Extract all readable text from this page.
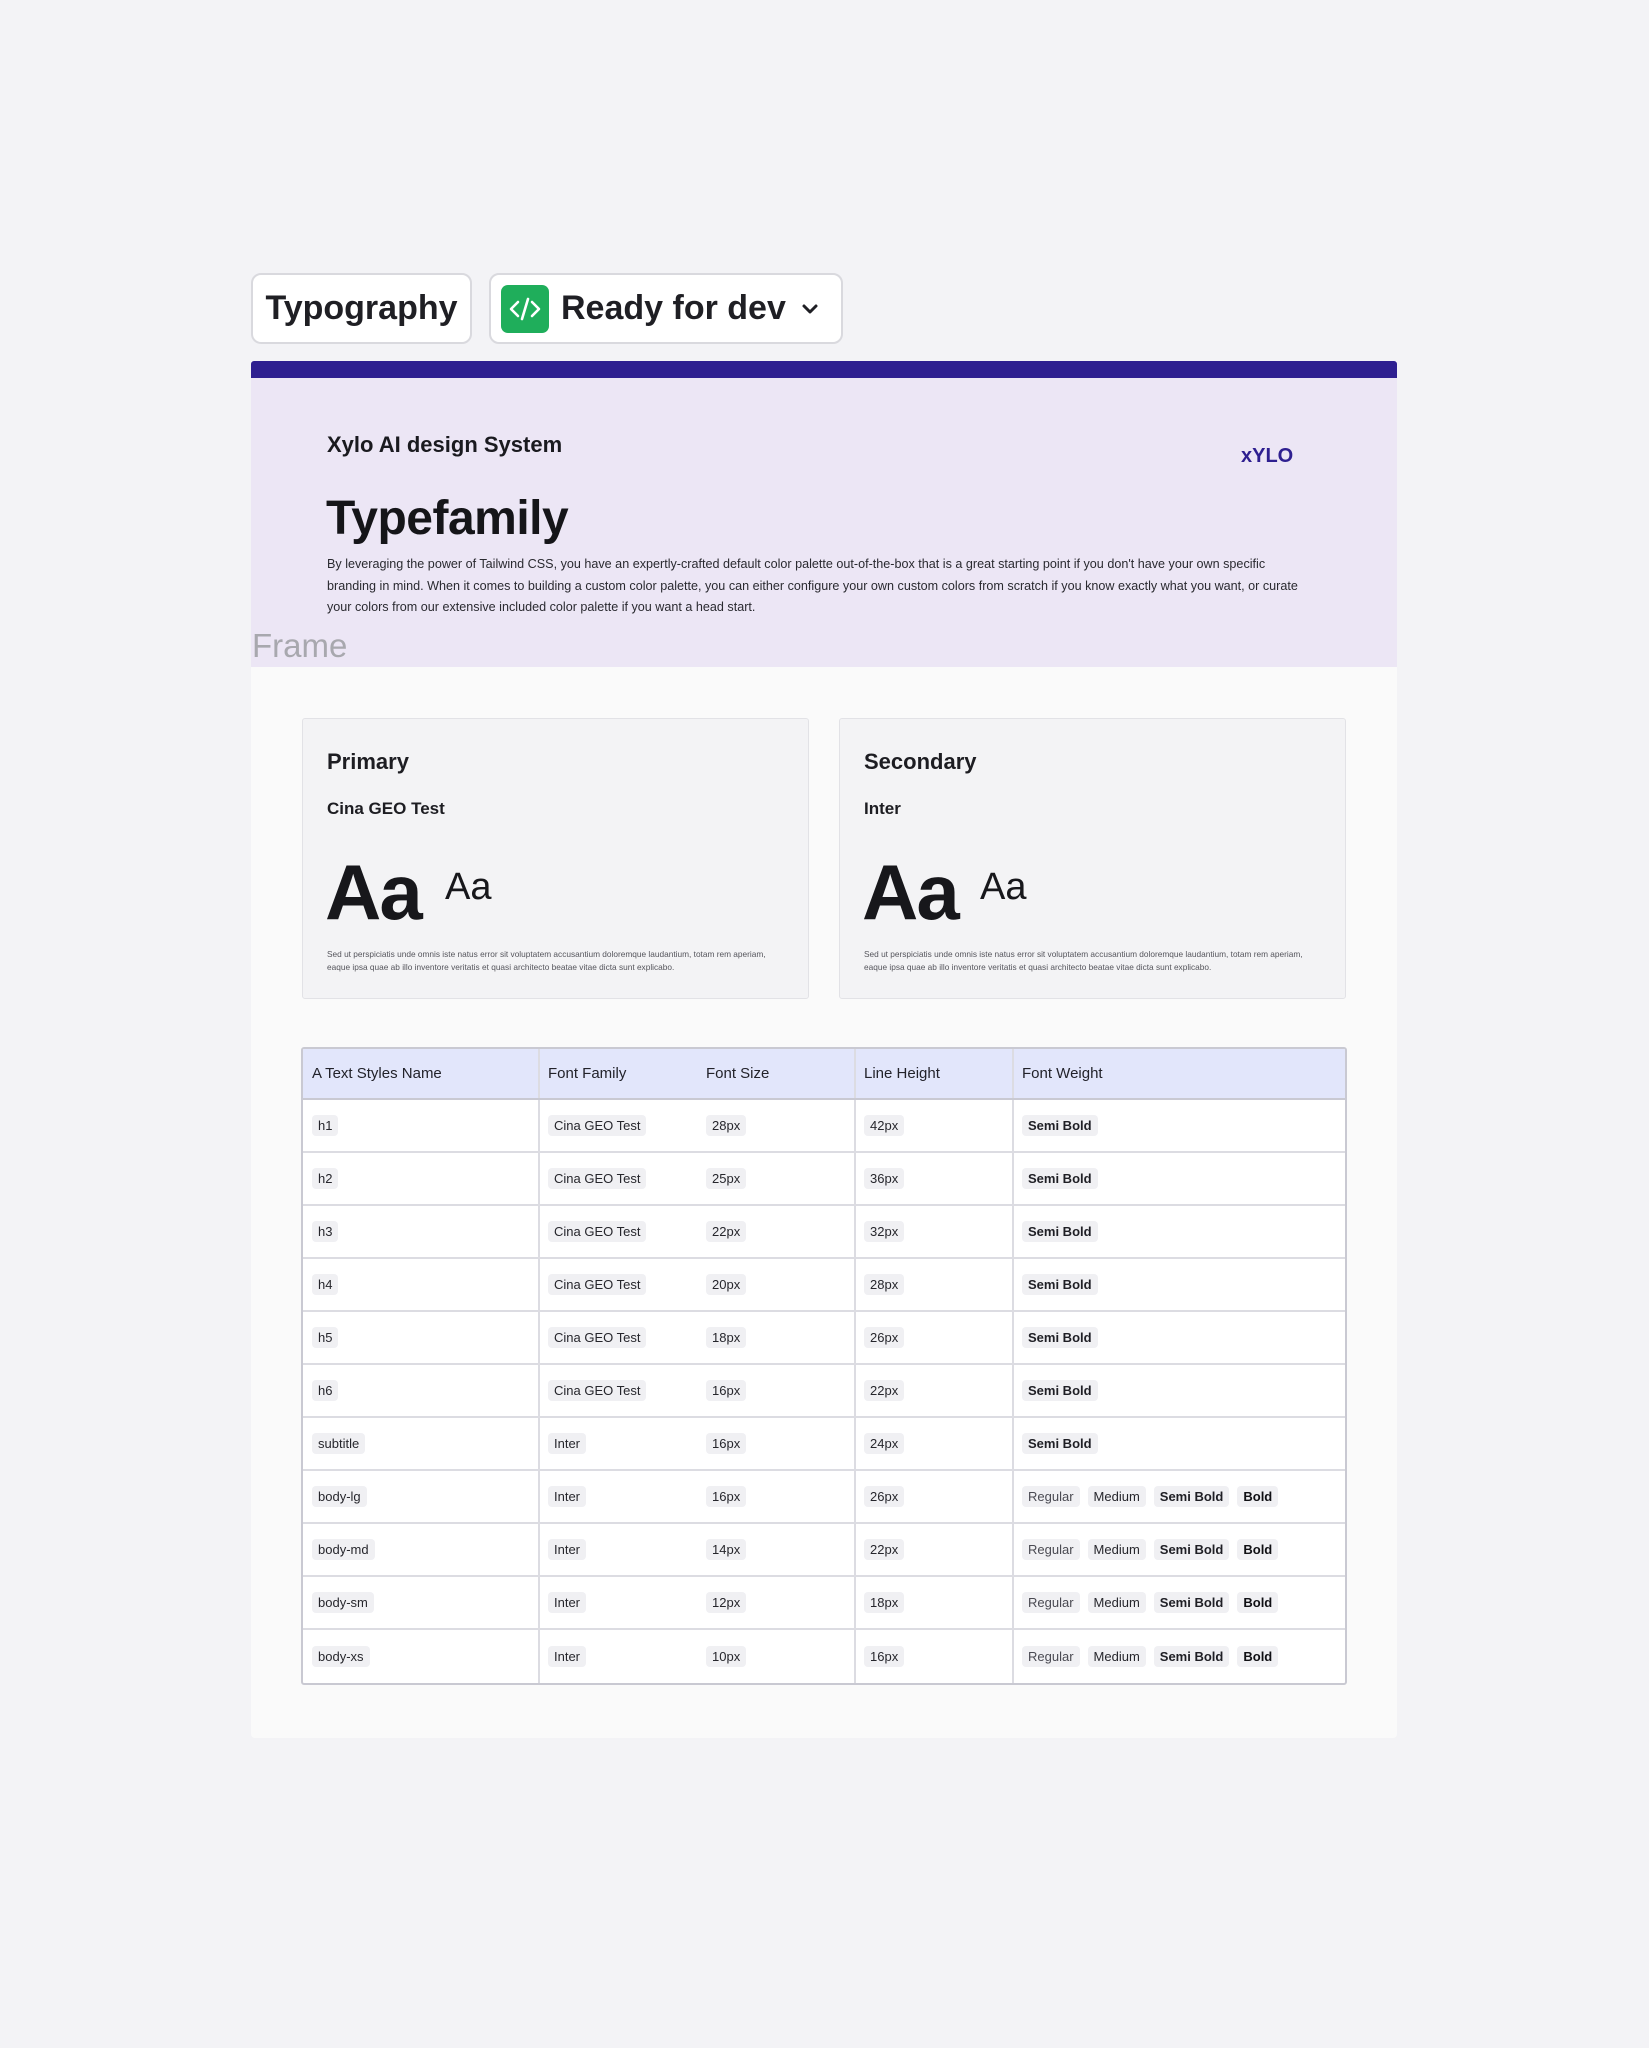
Typography	Ready for dev
Xylo AI design System	xYLO
Typefamily
By leveraging the power of Tailwind CSS, you have an expertly-crafted default color palette out-of-the-box that is a great starting point if you don't have your own specific branding in mind. When it comes to building a custom color palette, you can either configure your own custom colors from scratch if you know exactly what you want, or curate your colors from our extensive included color palette if you want a head start.
Frame
Primary
Cina GEO Test
Aa Aa
Sed ut perspiciatis unde omnis iste natus error sit voluptatem accusantium doloremque laudantium, totam rem aperiam, eaque ipsa quae ab illo inventore veritatis et quasi architecto beatae vitae dicta sunt explicabo.
Secondary
Inter
Aa Aa
Sed ut perspiciatis unde omnis iste natus error sit voluptatem accusantium doloremque laudantium, totam rem aperiam, eaque ipsa quae ab illo inventore veritatis et quasi architecto beatae vitae dicta sunt explicabo.
A Text Styles Name	Font Family	Font Size	Line Height	Font Weight
h1	Cina GEO Test	28px	42px	Semi Bold
h2	Cina GEO Test	25px	36px	Semi Bold
h3	Cina GEO Test	22px	32px	Semi Bold
h4	Cina GEO Test	20px	28px	Semi Bold
h5	Cina GEO Test	18px	26px	Semi Bold
h6	Cina GEO Test	16px	22px	Semi Bold
subtitle	Inter	16px	24px	Semi Bold
body-lg	Inter	16px	26px	Regular	Medium	Semi Bold	Bold
body-md	Inter	14px	22px	Regular	Medium	Semi Bold	Bold
body-sm	Inter	12px	18px	Regular	Medium	Semi Bold	Bold
body-xs	Inter	10px	16px	Regular	Medium	Semi Bold	Bold
